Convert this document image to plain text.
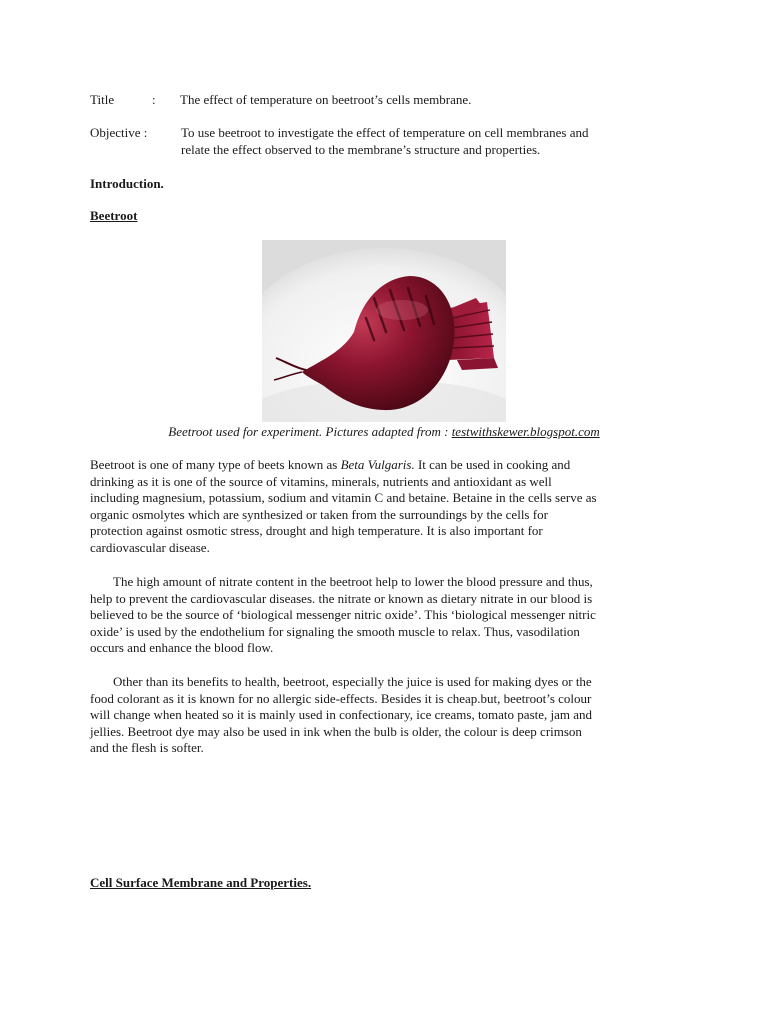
Title	: The effect of temperature on beetroot’s cells membrane.
Objective :	To use beetroot to investigate the effect of temperature on cell membranes and
relate the effect observed to the membrane’s structure and properties.
Introduction.
Beetroot
Beetroot used for experiment. Pictures adapted from : testwithskewer.blogspot.com
Beetroot is one of many type of beets known as Beta Vulgaris. It can be used in cooking and
drinking as it is one of the source of vitamins, minerals, nutrients and antioxidant as well
including magnesium, potassium, sodium and vitamin C and betaine. Betaine in the cells serve as
organic osmolytes which are synthesized or taken from the surroundings by the cells for
protection against osmotic stress, drought and high temperature. It is also important for
cardiovascular disease.
The high amount of nitrate content in the beetroot help to lower the blood pressure and thus,
help to prevent the cardiovascular diseases. the nitrate or known as dietary nitrate in our blood is
believed to be the source of ‘biological messenger nitric oxide’. This ‘biological messenger nitric
oxide’ is used by the endothelium for signaling the smooth muscle to relax. Thus, vasodilation
occurs and enhance the blood flow.
Other than its benefits to health, beetroot, especially the juice is used for making dyes or the
food colorant as it is known for no allergic side-effects. Besides it is cheap.but, beetroot’s colour
will change when heated so it is mainly used in confectionary, ice creams, tomato paste, jam and
jellies. Beetroot dye may also be used in ink when the bulb is older, the colour is deep crimson
and the flesh is softer.
Cell Surface Membrane and Properties.
